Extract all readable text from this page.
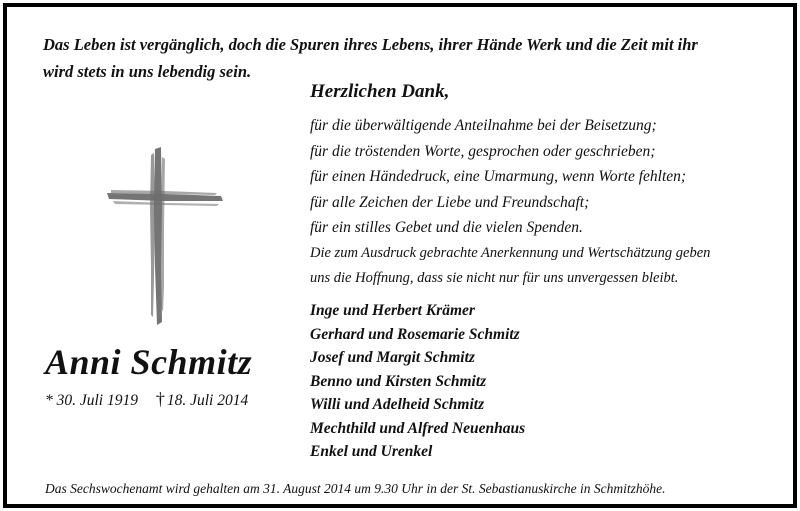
Das Leben ist vergänglich, doch die Spuren ihres Lebens, ihrer Hände Werk und die Zeit mit ihr
wird stets in uns lebendig sein.
Herzlichen Dank,
für die überwältigende Anteilnahme bei der Beisetzung;
für die tröstenden Worte, gesprochen oder geschrieben;
für einen Händedruck, eine Umarmung, wenn Worte fehlten;
für alle Zeichen der Liebe und Freundschaft;
für ein stilles Gebet und die vielen Spenden.
Die zum Ausdruck gebrachte Anerkennung und Wertschätzung geben
uns die Hoffnung, dass sie nicht nur für uns unvergessen bleibt.
Inge und Herbert Krämer
Gerhard und Rosemarie Schmitz
Josef und Margit Schmitz
Benno und Kirsten Schmitz
Willi und Adelheid Schmitz
Mechthild und Alfred Neuenhaus
Enkel und Urenkel
Anni Schmitz
* 30. Juli 1919 † 18. Juli 2014
Das Sechswochenamt wird gehalten am 31. August 2014 um 9.30 Uhr in der St. Sebastianuskirche in Schmitzhöhe.
